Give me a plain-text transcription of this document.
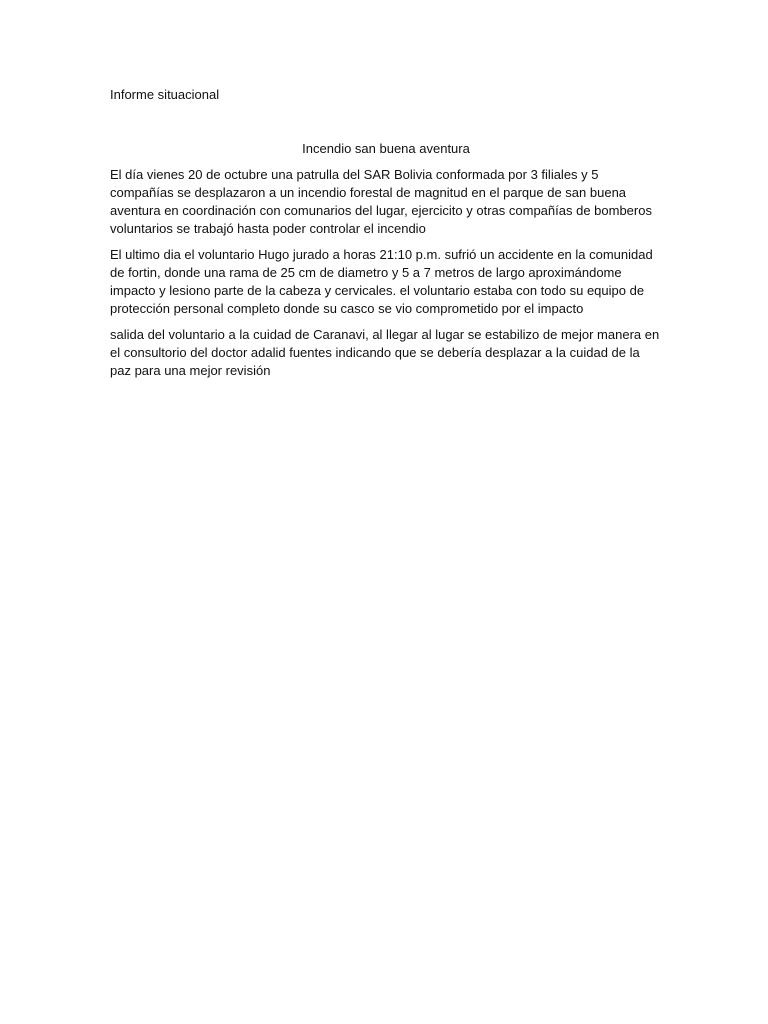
Informe situacional

Incendio san buena aventura

El día vienes 20 de octubre una patrulla del SAR Bolivia conformada por 3 filiales y 5 compañías se desplazaron a un incendio forestal de magnitud en el parque de san buena aventura en coordinación con comunarios del lugar, ejercicito y otras compañías de bomberos voluntarios se trabajó hasta poder controlar el incendio

El ultimo dia el voluntario Hugo jurado a horas 21:10 p.m. sufrió un accidente en la comunidad de fortin, donde una rama de 25 cm de diametro y 5 a 7 metros de largo aproximándome impacto y lesiono parte de la cabeza y cervicales. el voluntario estaba con todo su equipo de protección personal completo donde su casco se vio comprometido por el impacto

salida del voluntario a la cuidad de Caranavi, al llegar al lugar se estabilizo de mejor manera en el consultorio del doctor adalid fuentes indicando que se debería desplazar a la cuidad de la paz para una mejor revisión
